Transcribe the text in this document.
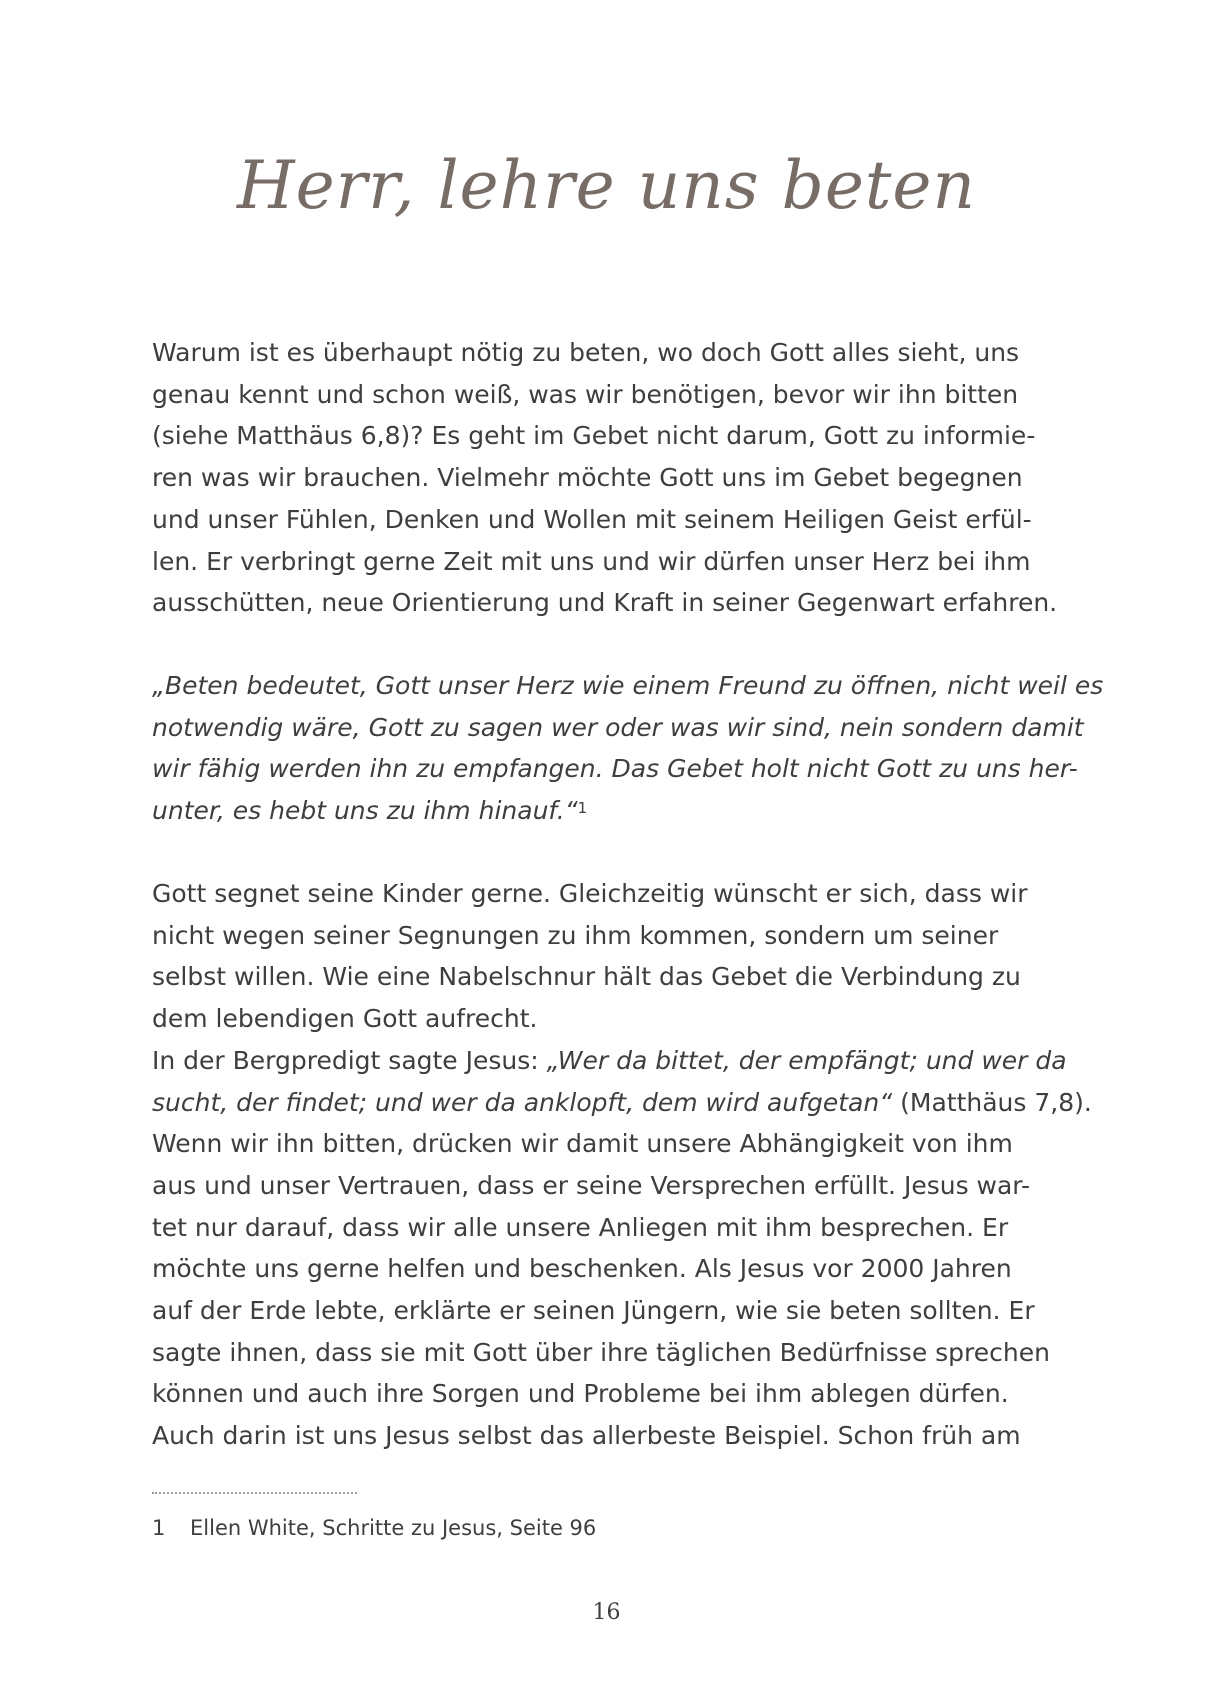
Herr, lehre uns beten
Warum ist es überhaupt nötig zu beten, wo doch Gott alles sieht, uns
genau kennt und schon weiß, was wir benötigen, bevor wir ihn bitten
(siehe Matthäus 6,8)? Es geht im Gebet nicht darum, Gott zu informie-
ren was wir brauchen. Vielmehr möchte Gott uns im Gebet begegnen
und unser Fühlen, Denken und Wollen mit seinem Heiligen Geist erfül-
len. Er verbringt gerne Zeit mit uns und wir dürfen unser Herz bei ihm
ausschütten, neue Orientierung und Kraft in seiner Gegenwart erfahren.
„Beten bedeutet, Gott unser Herz wie einem Freund zu öffnen, nicht weil es
notwendig wäre, Gott zu sagen wer oder was wir sind, nein sondern damit
wir fähig werden ihn zu empfangen. Das Gebet holt nicht Gott zu uns her-
unter, es hebt uns zu ihm hinauf.“$^1$
Gott segnet seine Kinder gerne. Gleichzeitig wünscht er sich, dass wir
nicht wegen seiner Segnungen zu ihm kommen, sondern um seiner
selbst willen. Wie eine Nabelschnur hält das Gebet die Verbindung zu
dem lebendigen Gott aufrecht.
In der Bergpredigt sagte Jesus: „Wer da bittet, der empfängt; und wer da
sucht, der findet; und wer da anklopft, dem wird aufgetan“ (Matthäus 7,8).
Wenn wir ihn bitten, drücken wir damit unsere Abhängigkeit von ihm
aus und unser Vertrauen, dass er seine Versprechen erfüllt. Jesus war-
tet nur darauf, dass wir alle unsere Anliegen mit ihm besprechen. Er
möchte uns gerne helfen und beschenken. Als Jesus vor 2000 Jahren
auf der Erde lebte, erklärte er seinen Jüngern, wie sie beten sollten. Er
sagte ihnen, dass sie mit Gott über ihre täglichen Bedürfnisse sprechen
können und auch ihre Sorgen und Probleme bei ihm ablegen dürfen.
Auch darin ist uns Jesus selbst das allerbeste Beispiel. Schon früh am
1 Ellen White, Schritte zu Jesus, Seite 96
16
